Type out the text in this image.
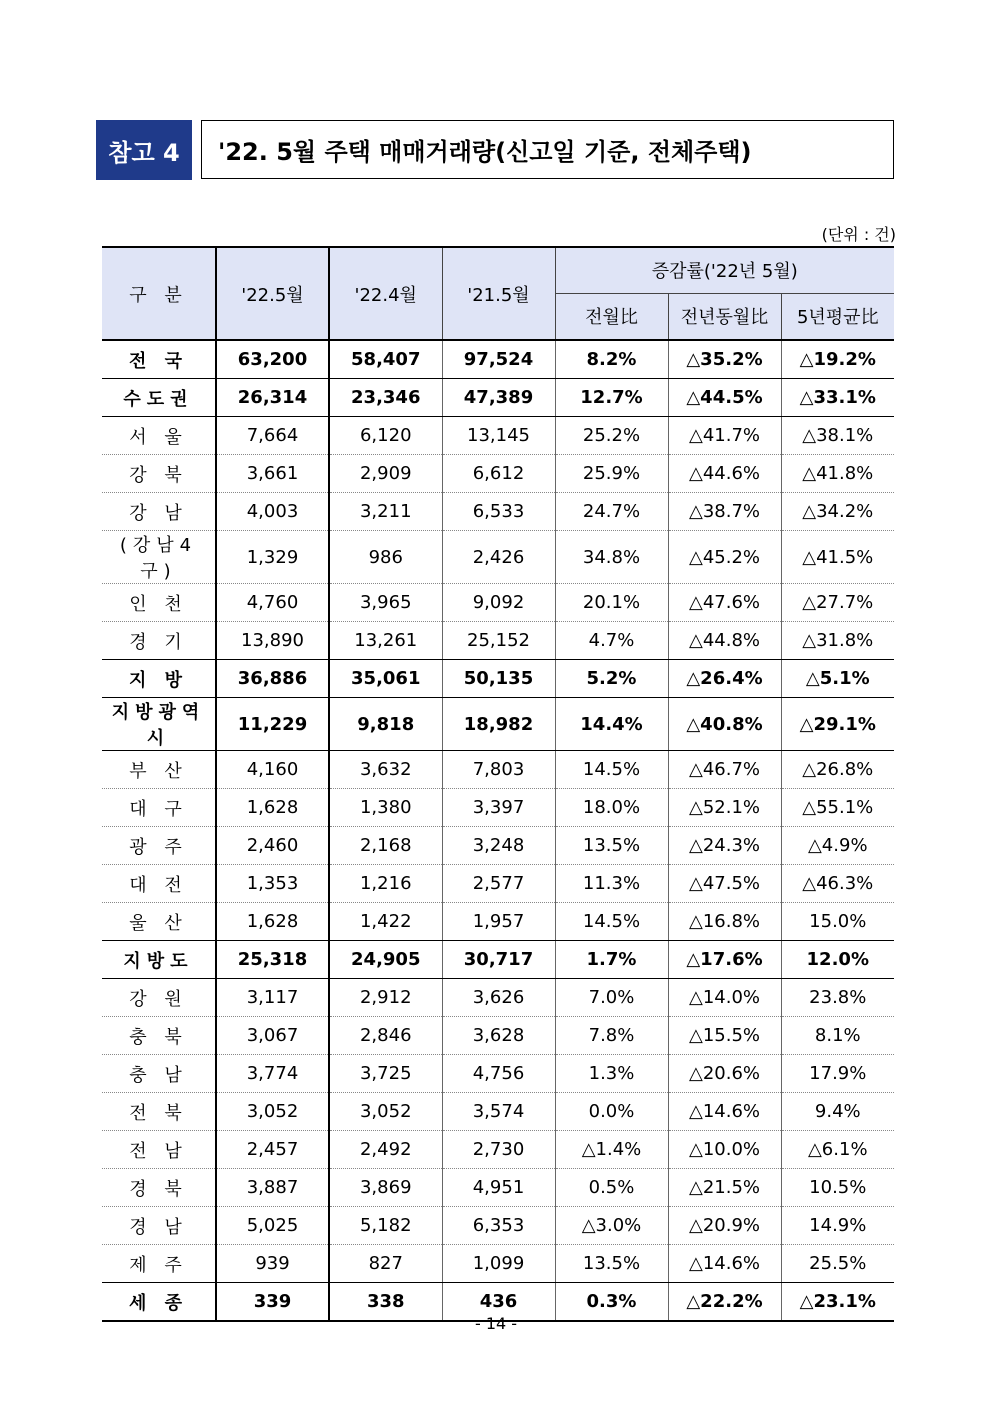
참고 4	'22. 5월 주택 매매거래량(신고일 기준, 전체주택)
(단위 : 건)
구 분	'22.5월	'22.4월	'21.5월	증감률('22년 5월)		
				전월比	전년동월比	5년평균比
전 국	63,200	58,407	97,524	8.2%	△35.2%	△19.2%
수도권	26,314	23,346	47,389	12.7%	△44.5%	△33.1%
서 울	7,664	6,120	13,145	25.2%	△41.7%	△38.1%
강 북	3,661	2,909	6,612	25.9%	△44.6%	△41.8%
강 남	4,003	3,211	6,533	24.7%	△38.7%	△34.2%
(강남4구)	1,329	986	2,426	34.8%	△45.2%	△41.5%
인 천	4,760	3,965	9,092	20.1%	△47.6%	△27.7%
경 기	13,890	13,261	25,152	4.7%	△44.8%	△31.8%
지 방	36,886	35,061	50,135	5.2%	△26.4%	△5.1%
지방광역시	11,229	9,818	18,982	14.4%	△40.8%	△29.1%
부 산	4,160	3,632	7,803	14.5%	△46.7%	△26.8%
대 구	1,628	1,380	3,397	18.0%	△52.1%	△55.1%
광 주	2,460	2,168	3,248	13.5%	△24.3%	△4.9%
대 전	1,353	1,216	2,577	11.3%	△47.5%	△46.3%
울 산	1,628	1,422	1,957	14.5%	△16.8%	15.0%
지방도	25,318	24,905	30,717	1.7%	△17.6%	12.0%
강 원	3,117	2,912	3,626	7.0%	△14.0%	23.8%
충 북	3,067	2,846	3,628	7.8%	△15.5%	8.1%
충 남	3,774	3,725	4,756	1.3%	△20.6%	17.9%
전 북	3,052	3,052	3,574	0.0%	△14.6%	9.4%
전 남	2,457	2,492	2,730	△1.4%	△10.0%	△6.1%
경 북	3,887	3,869	4,951	0.5%	△21.5%	10.5%
경 남	5,025	5,182	6,353	△3.0%	△20.9%	14.9%
제 주	939	827	1,099	13.5%	△14.6%	25.5%
세 종	339	338	436	0.3%	△22.2%	△23.1%
- 14 -
